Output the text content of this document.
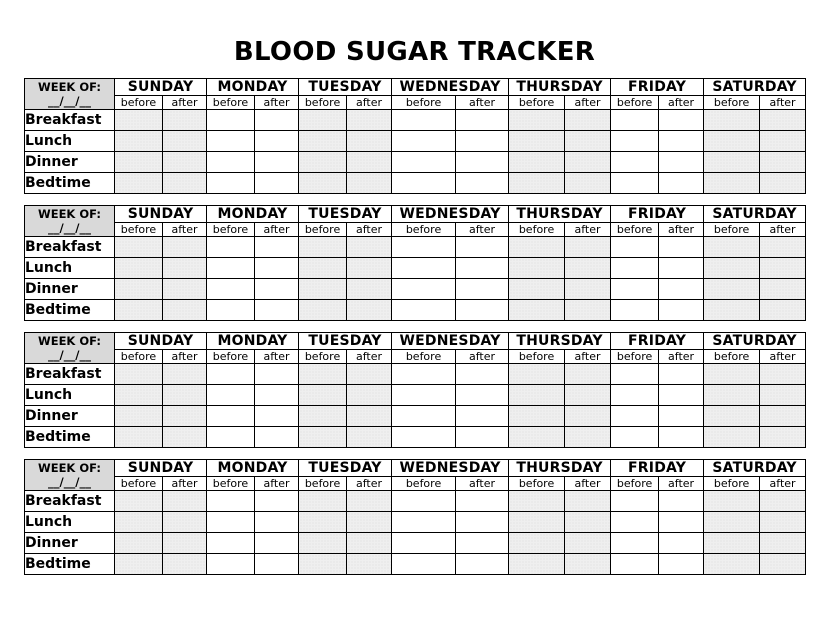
BLOOD SUGAR TRACKER
WEEK OF:
__/__/__	SUNDAY		MONDAY		TUESDAY		WEDNESDAY		THURSDAY		FRIDAY		SATURDAY	
	before	after	before	after	before	after	before	after	before	after	before	after	before	after
Breakfast														
Lunch														
Dinner														
Bedtime														
WEEK OF:
__/__/__	SUNDAY		MONDAY		TUESDAY		WEDNESDAY		THURSDAY		FRIDAY		SATURDAY	
	before	after	before	after	before	after	before	after	before	after	before	after	before	after
Breakfast														
Lunch														
Dinner														
Bedtime														
WEEK OF:
__/__/__	SUNDAY		MONDAY		TUESDAY		WEDNESDAY		THURSDAY		FRIDAY		SATURDAY	
	before	after	before	after	before	after	before	after	before	after	before	after	before	after
Breakfast														
Lunch														
Dinner														
Bedtime														
WEEK OF:
__/__/__	SUNDAY		MONDAY		TUESDAY		WEDNESDAY		THURSDAY		FRIDAY		SATURDAY	
	before	after	before	after	before	after	before	after	before	after	before	after	before	after
Breakfast														
Lunch														
Dinner														
Bedtime														
